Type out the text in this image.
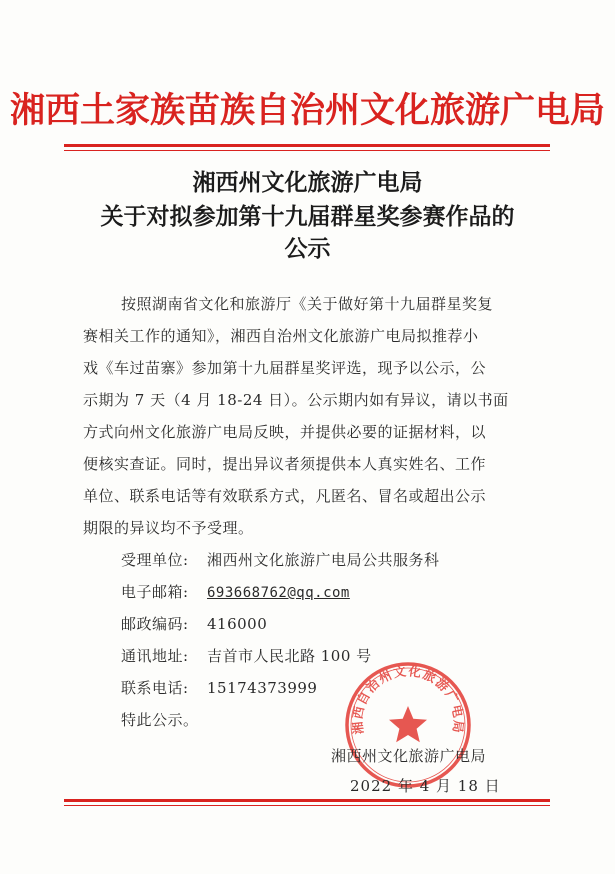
湘西土家族苗族自治州文化旅游广电局
湘西州文化旅游广电局
关于对拟参加第十九届群星奖参赛作品的
公示
按照湖南省文化和旅游厅《关于做好第十九届群星奖复
赛相关工作的通知》，湘西自治州文化旅游广电局拟推荐小
戏《车过苗寨》参加第十九届群星奖评选，现予以公示，公
示期为 7 天（4 月 18-24 日）。公示期内如有异议，请以书面
方式向州文化旅游广电局反映，并提供必要的证据材料，以
便核实查证。同时，提出异议者须提供本人真实姓名、工作
单位、联系电话等有效联系方式，凡匿名、冒名或超出公示
期限的异议均不予受理。
受理单位: 湘西州文化旅游广电局公共服务科
电子邮箱: 693668762@qq.com
邮政编码: 416000
通讯地址: 吉首市人民北路 100 号
联系电话: 15174373999
特此公示。	湘西自治州文化旅游广电局
湘西州文化旅游广电局
2022 年 4 月 18 日
